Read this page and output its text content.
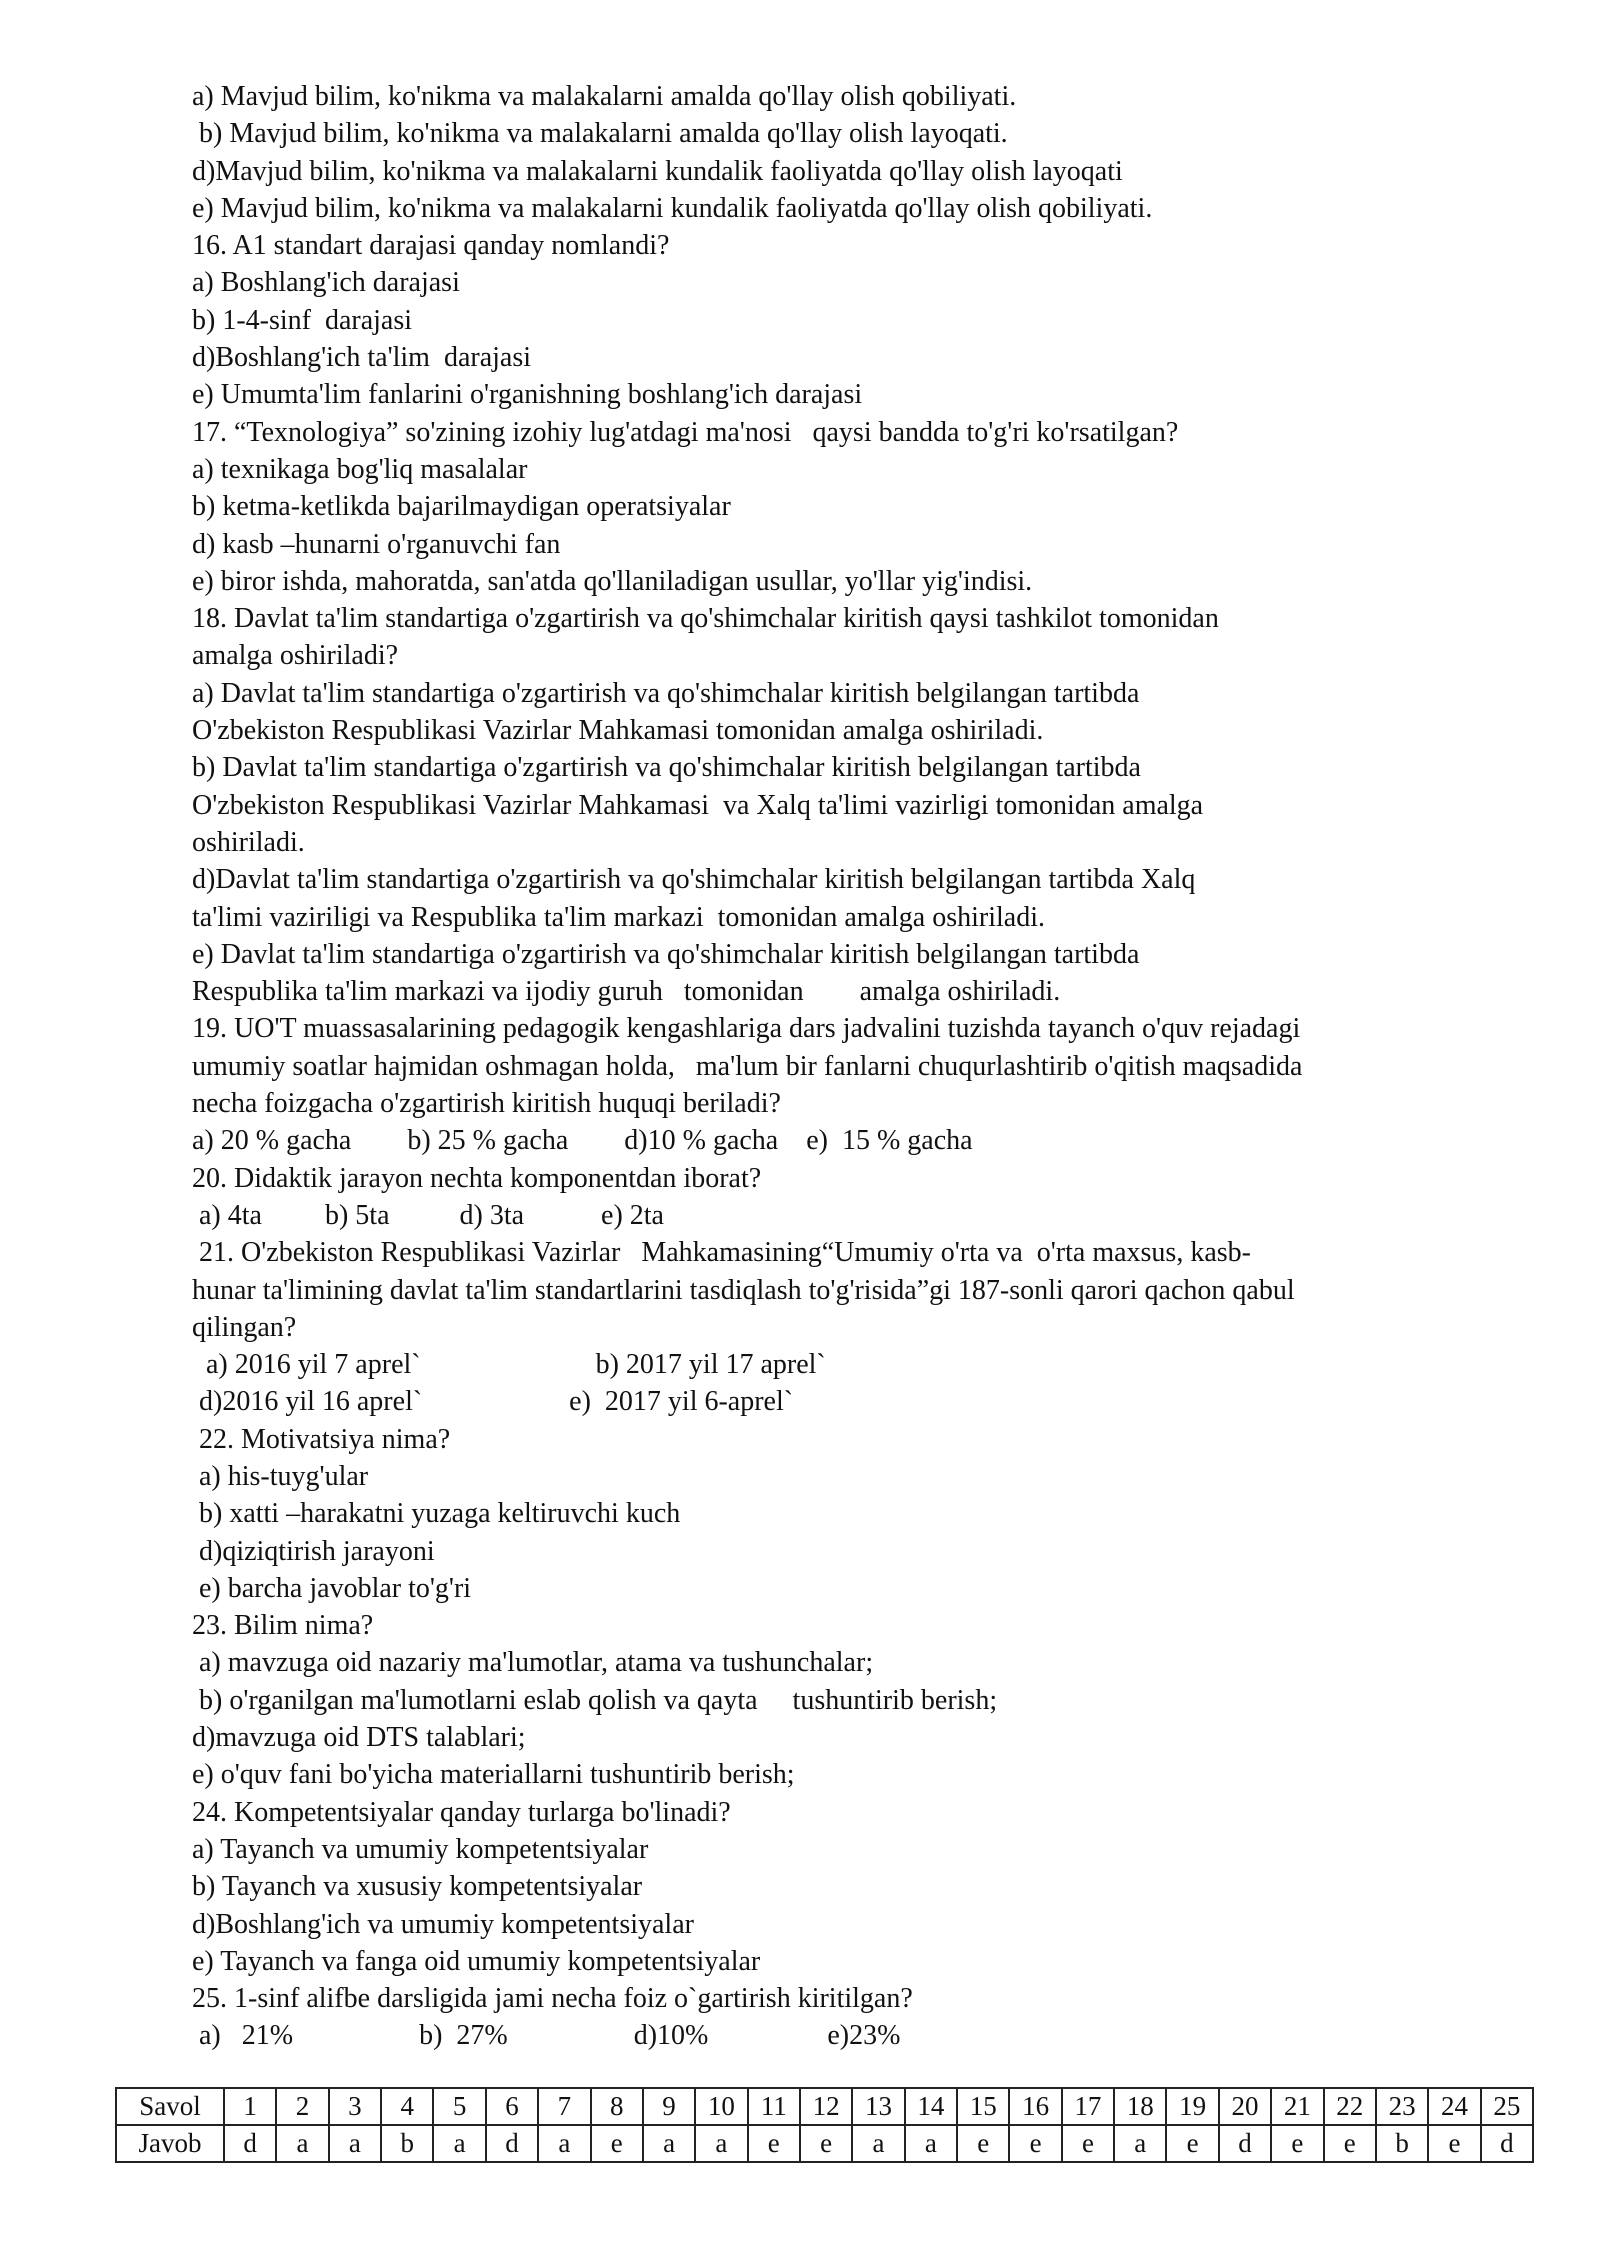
a) Mavjud bilim, ko'nikma va malakalarni amalda qo'llay olish qobiliyati.
b) Mavjud bilim, ko'nikma va malakalarni amalda qo'llay olish layoqati.
d)Mavjud bilim, ko'nikma va malakalarni kundalik faoliyatda qo'llay olish layoqati
e) Mavjud bilim, ko'nikma va malakalarni kundalik faoliyatda qo'llay olish qobiliyati.
16. A1 standart darajasi qanday nomlandi?
a) Boshlang'ich darajasi
b) 1-4-sinf  darajasi
d)Boshlang'ich ta'lim  darajasi
e) Umumta'lim fanlarini o'rganishning boshlang'ich darajasi
17. “Texnologiya” so'zining izohiy lug'atdagi ma'nosi   qaysi bandda to'g'ri ko'rsatilgan?
a) texnikaga bog'liq masalalar
b) ketma-ketlikda bajarilmaydigan operatsiyalar
d) kasb –hunarni o'rganuvchi fan
e) biror ishda, mahoratda, san'atda qo'llaniladigan usullar, yo'llar yig'indisi.
18. Davlat ta'lim standartiga o'zgartirish va qo'shimchalar kiritish qaysi tashkilot tomonidan
amalga oshiriladi?
a) Davlat ta'lim standartiga o'zgartirish va qo'shimchalar kiritish belgilangan tartibda
O'zbekiston Respublikasi Vazirlar Mahkamasi tomonidan amalga oshiriladi.
b) Davlat ta'lim standartiga o'zgartirish va qo'shimchalar kiritish belgilangan tartibda
O'zbekiston Respublikasi Vazirlar Mahkamasi  va Xalq ta'limi vazirligi tomonidan amalga
oshiriladi.
d)Davlat ta'lim standartiga o'zgartirish va qo'shimchalar kiritish belgilangan tartibda Xalq
ta'limi vaziriligi va Respublika ta'lim markazi  tomonidan amalga oshiriladi.
e) Davlat ta'lim standartiga o'zgartirish va qo'shimchalar kiritish belgilangan tartibda
Respublika ta'lim markazi va ijodiy guruh   tomonidan        amalga oshiriladi.
19. UO'T muassasalarining pedagogik kengashlariga dars jadvalini tuzishda tayanch o'quv rejadagi
umumiy soatlar hajmidan oshmagan holda,   ma'lum bir fanlarni chuqurlashtirib o'qitish maqsadida
necha foizgacha o'zgartirish kiritish huquqi beriladi?
a) 20 % gacha        b) 25 % gacha        d)10 % gacha    e)  15 % gacha
20. Didaktik jarayon nechta komponentdan iborat?
a) 4ta         b) 5ta          d) 3ta           e) 2ta
21. O'zbekiston Respublikasi Vazirlar   Mahkamasining“Umumiy o'rta va  o'rta maxsus, kasb-
hunar ta'limining davlat ta'lim standartlarini tasdiqlash to'g'risida”gi 187-sonli qarori qachon qabul
qilingan?
a) 2016 yil 7 aprel`                         b) 2017 yil 17 aprel`
d)2016 yil 16 aprel`                     e)  2017 yil 6-aprel`
22. Motivatsiya nima?
a) his-tuyg'ular
b) xatti –harakatni yuzaga keltiruvchi kuch
d)qiziqtirish jarayoni
e) barcha javoblar to'g'ri
23. Bilim nima?
a) mavzuga oid nazariy ma'lumotlar, atama va tushunchalar;
b) o'rganilgan ma'lumotlarni eslab qolish va qayta     tushuntirib berish;
d)mavzuga oid DTS talablari;
e) o'quv fani bo'yicha materiallarni tushuntirib berish;
24. Kompetentsiyalar qanday turlarga bo'linadi?
a) Tayanch va umumiy kompetentsiyalar
b) Tayanch va xususiy kompetentsiyalar
d)Boshlang'ich va umumiy kompetentsiyalar
e) Tayanch va fanga oid umumiy kompetentsiyalar
25. 1-sinf alifbe darsligida jami necha foiz o`gartirish kiritilgan?
a)   21%                  b)  27%                  d)10%                 e)23%
Savol	1	2	3	4	5	6	7	8	9	10	11	12	13	14	15	16	17	18	19	20	21	22	23	24	25
Javob	d	a	a	b	a	d	a	e	a	a	e	e	a	a	e	e	e	a	e	d	e	e	b	e	d
